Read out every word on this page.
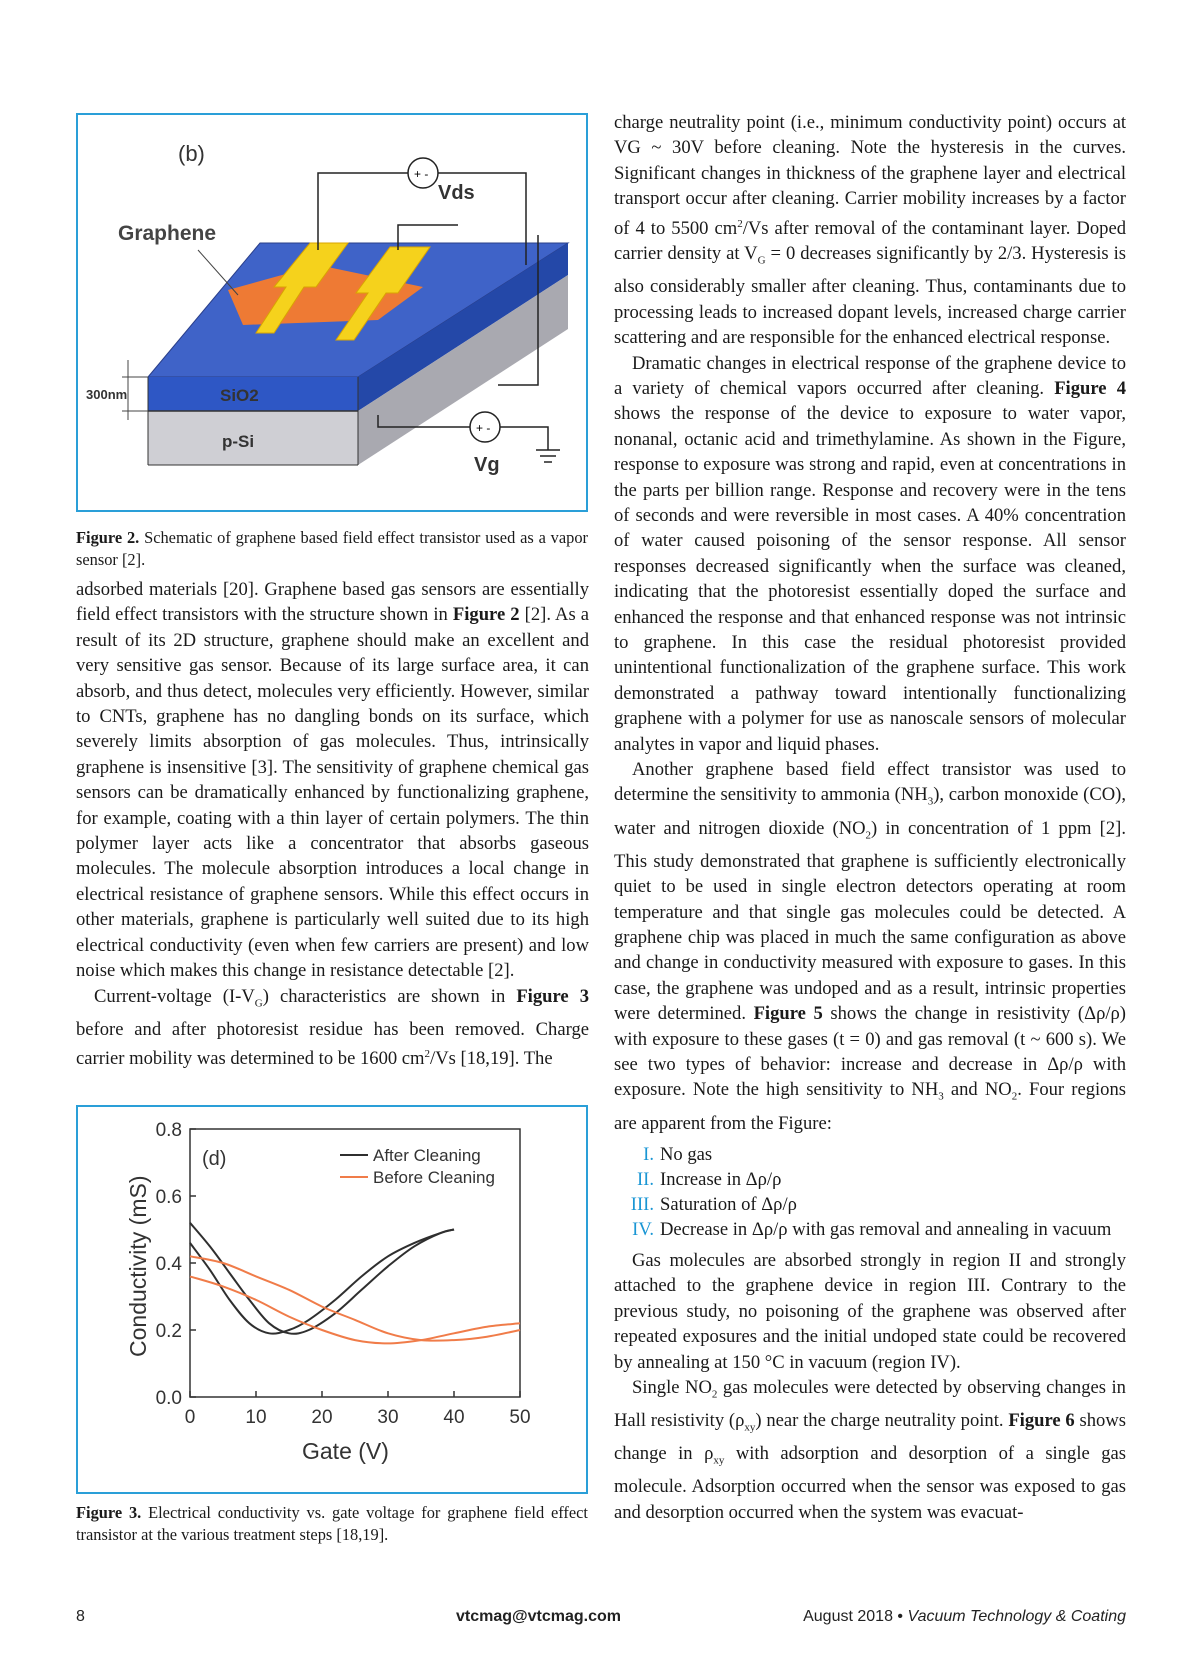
+ -
+ -
(b)
Graphene
Vds
Vg
300nm	SiO2
p-Si
Figure 2. Schematic of graphene based field effect transistor used as a vapor sensor [2].

adsorbed materials [20]. Graphene based gas sensors are essentially field effect transistors with the structure shown in Figure 2 [2]. As a result of its 2D structure, graphene should make an excellent and very sensitive gas sensor. Because of its large surface area, it can absorb, and thus detect, molecules very efficiently. However, similar to CNTs, graphene has no dangling bonds on its surface, which severely limits absorption of gas molecules. Thus, intrinsically graphene is insensitive [3]. The sensitivity of graphene chemical gas sensors can be dramatically enhanced by functionalizing graphene, for example, coating with a thin layer of certain polymers. The thin polymer layer acts like a concentrator that absorbs gaseous molecules. The molecule absorption introduces a local change in electrical resistance of graphene sensors. While this effect occurs in other materials, graphene is particularly well suited due to its high electrical conductivity (even when few carriers are present) and low noise which makes this change in resistance detectable [2].

Current-voltage $(I-V_G)$ characteristics are shown in Figure 3 before and after photoresist residue has been removed. Charge carrier mobility was determined to be 1600 $cm^2/Vs$ [18,19]. The

0	10 20 30 40 50
0.0
0.2
0.4
0.6
0.8
(d)	After Cleaning
Before Cleaning
Conductivity (mS)
Gate (V)
Figure 3. Electrical conductivity vs. gate voltage for graphene field effect transistor at the various treatment steps [18,19].

charge neutrality point (i.e., minimum conductivity point) occurs at VG ~ 30V before cleaning. Note the hysteresis in the curves. Significant changes in thickness of the graphene layer and electrical transport occur after cleaning. Carrier mobility increases by a factor of 4 to 5500 $cm^2/Vs$ after removal of the contaminant layer. Doped carrier density at $V_G = 0$ decreases significantly by 2/3. Hysteresis is also considerably smaller after cleaning. Thus, contaminants due to processing leads to increased dopant levels, increased charge carrier scattering and are responsible for the enhanced electrical response.

Dramatic changes in electrical response of the graphene device to a variety of chemical vapors occurred after cleaning. Figure 4 shows the response of the device to exposure to water vapor, nonanal, octanic acid and trimethylamine. As shown in the Figure, response to exposure was strong and rapid, even at concentrations in the parts per billion range. Response and recovery were in the tens of seconds and were reversible in most cases. A 40% concentration of water caused poisoning of the sensor response. All sensor responses decreased significantly when the surface was cleaned, indicating that the photoresist essentially doped the surface and enhanced the response and that enhanced response was not intrinsic to graphene. In this case the residual photoresist provided unintentional functionalization of the graphene surface. This work demonstrated a pathway toward intentionally functionalizing graphene with a polymer for use as nanoscale sensors of molecular analytes in vapor and liquid phases.

Another graphene based field effect transistor was used to determine the sensitivity to ammonia $(NH_3)$, carbon monoxide (CO), water and nitrogen dioxide $(NO_2)$ in concentration of 1 ppm [2]. This study demonstrated that graphene is sufficiently electronically quiet to be used in single electron detectors operating at room temperature and that single gas molecules could be detected. A graphene chip was placed in much the same configuration as above and change in conductivity measured with exposure to gases. In this case, the graphene was undoped and as a result, intrinsic properties were determined. Figure 5 shows the change in resistivity (Δρ/ρ) with exposure to these gases (t = 0) and gas removal (t ~ 600 s). We see two types of behavior: increase and decrease in Δρ/ρ with exposure. Note the high sensitivity to $NH_3$ and $NO_2$. Four regions are apparent from the Figure:

I. No gas
II. Increase in Δρ/ρ
III. Saturation of Δρ/ρ
IV. Decrease in Δρ/ρ with gas removal and annealing in vacuum

Gas molecules are absorbed strongly in region II and strongly attached to the graphene device in region III. Contrary to the previous study, no poisoning of the graphene was observed after repeated exposures and the initial undoped state could be recovered by annealing at 150 °C in vacuum (region IV).

Single $NO_2$ gas molecules were detected by observing changes in Hall resistivity $(\rho_{xy})$ near the charge neutrality point. Figure 6 shows change in $\rho_{xy}$ with adsorption and desorption of a single gas molecule. Adsorption occurred when the sensor was exposed to gas and desorption occurred when the system was evacuat-

8	vtcmag@vtcmag.com	August 2018 • Vacuum Technology & Coating
